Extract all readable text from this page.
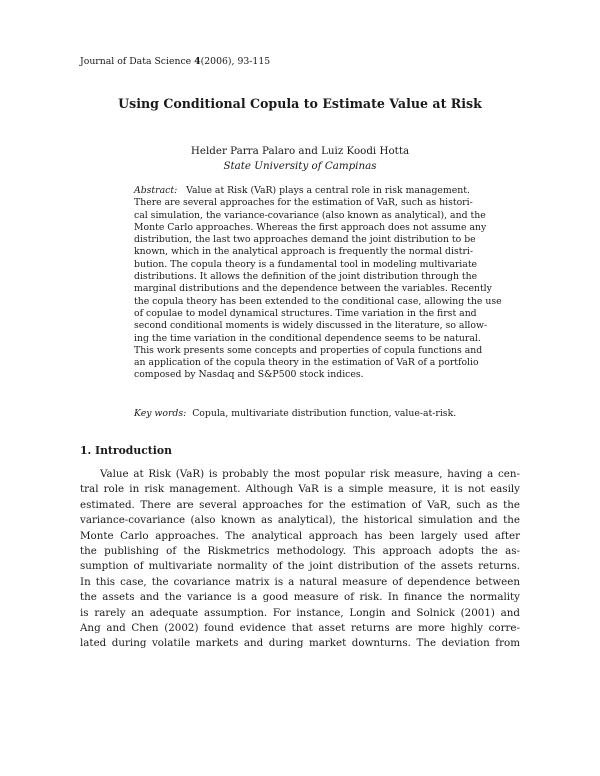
Journal of Data Science 4(2006), 93-115
Using Conditional Copula to Estimate Value at Risk
Helder Parra Palaro and Luiz Koodi Hotta
State University of Campinas
Abstract: Value at Risk (VaR) plays a central role in risk management.
There are several approaches for the estimation of VaR, such as histori-
cal simulation, the variance-covariance (also known as analytical), and the
Monte Carlo approaches. Whereas the first approach does not assume any
distribution, the last two approaches demand the joint distribution to be
known, which in the analytical approach is frequently the normal distri-
bution. The copula theory is a fundamental tool in modeling multivariate
distributions. It allows the definition of the joint distribution through the
marginal distributions and the dependence between the variables. Recently
the copula theory has been extended to the conditional case, allowing the use
of copulae to model dynamical structures. Time variation in the first and
second conditional moments is widely discussed in the literature, so allow-
ing the time variation in the conditional dependence seems to be natural.
This work presents some concepts and properties of copula functions and
an application of the copula theory in the estimation of VaR of a portfolio
composed by Nasdaq and S&P500 stock indices.
Key words: Copula, multivariate distribution function, value-at-risk.
1. Introduction
Value at Risk (VaR) is probably the most popular risk measure, having a cen-
tral role in risk management. Although VaR is a simple measure, it is not easily
estimated. There are several approaches for the estimation of VaR, such as the
variance-covariance (also known as analytical), the historical simulation and the
Monte Carlo approaches. The analytical approach has been largely used after
the publishing of the Riskmetrics methodology. This approach adopts the as-
sumption of multivariate normality of the joint distribution of the assets returns.
In this case, the covariance matrix is a natural measure of dependence between
the assets and the variance is a good measure of risk. In finance the normality
is rarely an adequate assumption. For instance, Longin and Solnick (2001) and
Ang and Chen (2002) found evidence that asset returns are more highly corre-
lated during volatile markets and during market downturns. The deviation from
